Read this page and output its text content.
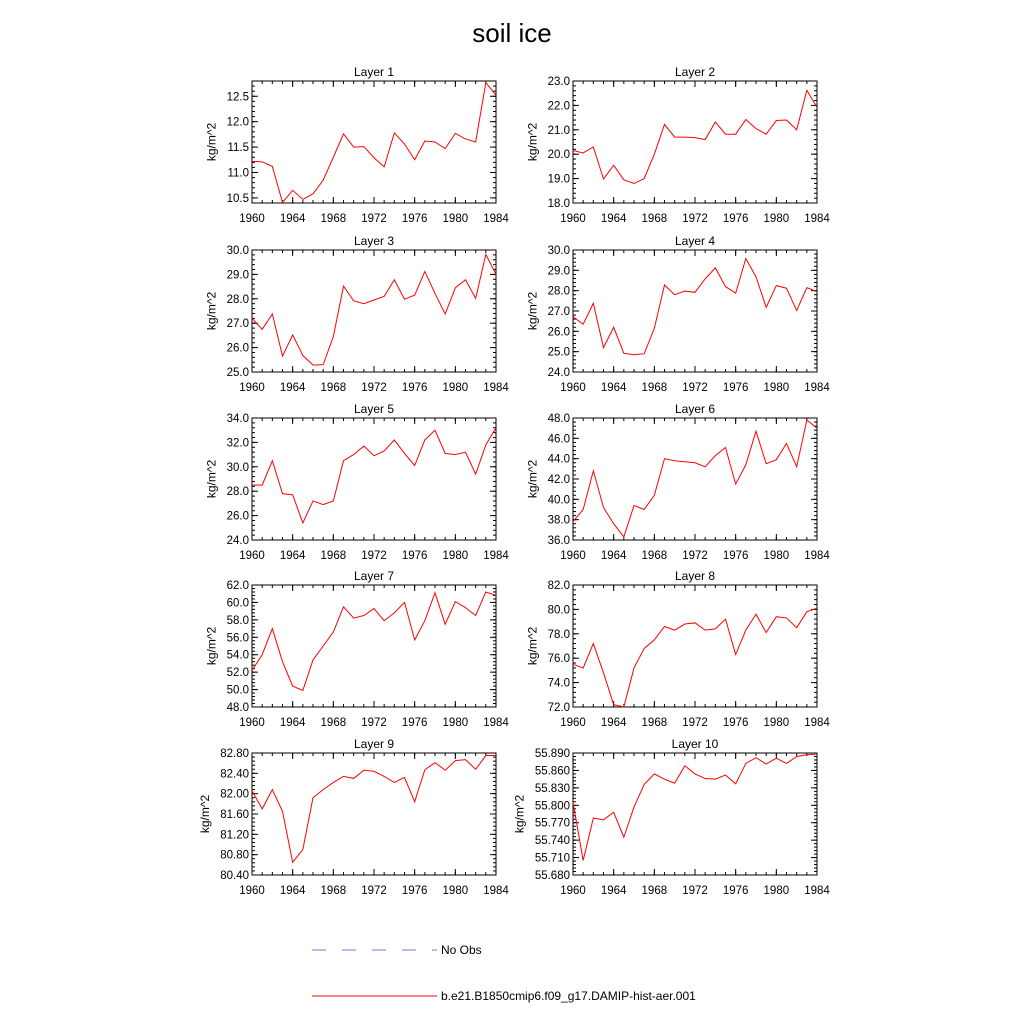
soil ice
1960 1964 1968 1972 1976 1980 1984
10.5
11.0
11.5
12.0
12.5
Layer 1
kg/m^2
1960 1964 1968 1972 1976 1980 1984
18.0
19.0
20.0
21.0
22.0
23.0
Layer 2
kg/m^2
1960 1964 1968 1972 1976 1980 1984
25.0
26.0
27.0
28.0
29.0
30.0
Layer 3
kg/m^2
1960 1964 1968 1972 1976 1980 1984
24.0
25.0
26.0
27.0
28.0
29.0
30.0
Layer 4
kg/m^2
1960 1964 1968 1972 1976 1980 1984
24.0
26.0
28.0
30.0
32.0
34.0
Layer 5
kg/m^2
1960 1964 1968 1972 1976 1980 1984
36.0
38.0
40.0
42.0
44.0
46.0
48.0
Layer 6
kg/m^2
1960 1964 1968 1972 1976 1980 1984
48.0
50.0
52.0
54.0
56.0
58.0
60.0
62.0
Layer 7
kg/m^2
1960 1964 1968 1972 1976 1980 1984
72.0
74.0
76.0
78.0
80.0
82.0
Layer 8
kg/m^2
1960 1964 1968 1972 1976 1980 1984
80.40
80.80
81.20
81.60
82.00
82.40
82.80
Layer 9
kg/m^2
1960 1964 1968 1972 1976 1980 1984
55.680
55.710
55.740
55.770
55.800
55.830
55.860
55.890
Layer 10
kg/m^2
No Obs
b.e21.B1850cmip6.f09_g17.DAMIP-hist-aer.001
